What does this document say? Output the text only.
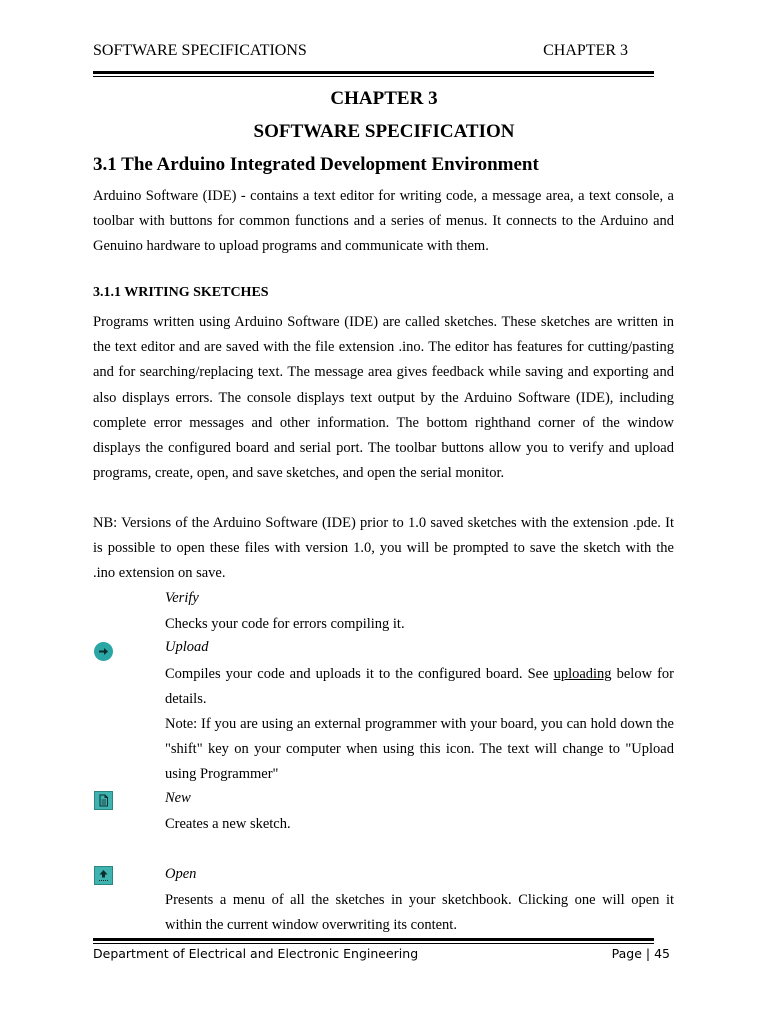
SOFTWARE SPECIFICATIONS	CHAPTER 3
CHAPTER 3
SOFTWARE SPECIFICATION
3.1 The Arduino Integrated Development Environment
Arduino Software (IDE) - contains a text editor for writing code, a message area, a text console, a toolbar with buttons for common functions and a series of menus. It connects to the Arduino and Genuino hardware to upload programs and communicate with them.
3.1.1 WRITING SKETCHES
Programs written using Arduino Software (IDE) are called sketches. These sketches are written in the text editor and are saved with the file extension .ino. The editor has features for cutting/pasting and for searching/replacing text. The message area gives feedback while saving and exporting and also displays errors. The console displays text output by the Arduino Software (IDE), including complete error messages and other information. The bottom righthand corner of the window displays the configured board and serial port. The toolbar buttons allow you to verify and upload programs, create, open, and save sketches, and open the serial monitor.
NB: Versions of the Arduino Software (IDE) prior to 1.0 saved sketches with the extension .pde. It is possible to open these files with version 1.0, you will be prompted to save the sketch with the .ino extension on save.
Verify
Checks your code for errors compiling it.
Upload
Compiles your code and uploads it to the configured board. See uploading below for details.
Note: If you are using an external programmer with your board, you can hold down the "shift" key on your computer when using this icon. The text will change to "Upload using Programmer"
New
Creates a new sketch.
Open
Presents a menu of all the sketches in your sketchbook. Clicking one will open it within the current window overwriting its content.
Department of Electrical and Electronic Engineering	Page | 45
